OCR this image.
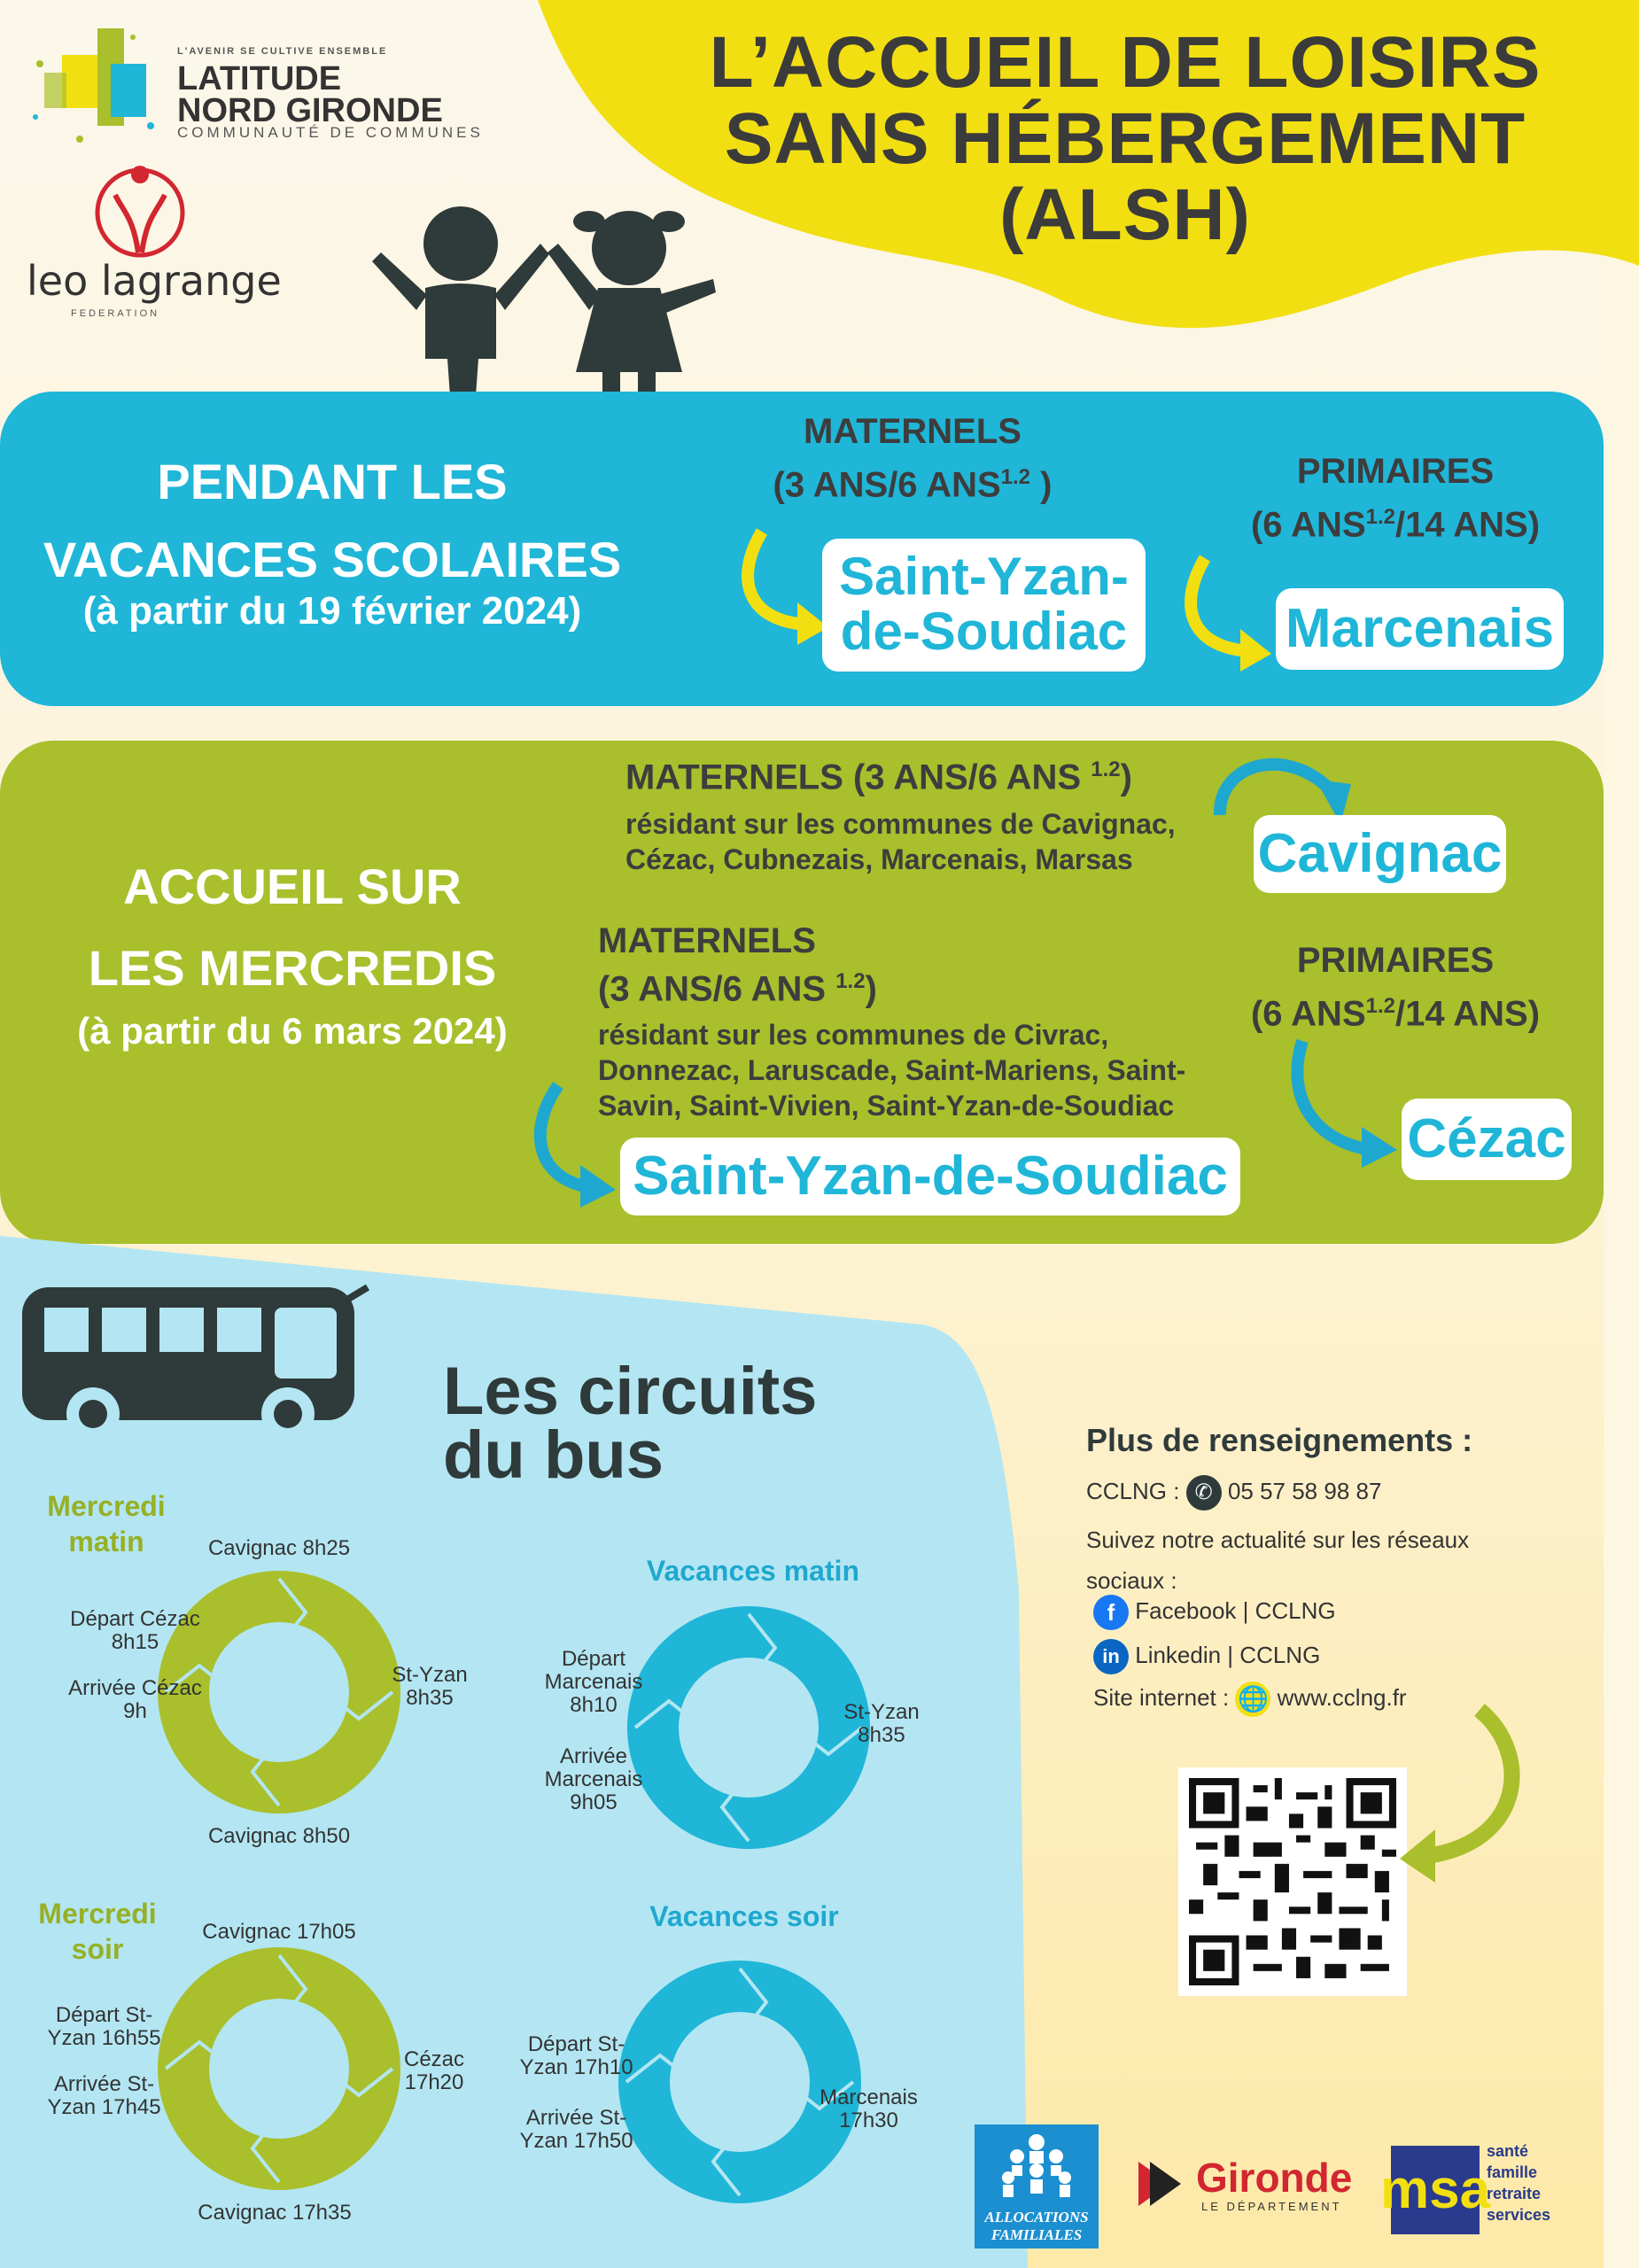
L’ACCUEIL DE LOISIRS
SANS HÉBERGEMENT
(ALSH)
L'AVENIR SE CULTIVE ENSEMBLE
LATITUDE
NORD GIRONDE
COMMUNAUTÉ DE COMMUNES
leo lagrange
FEDERATION
PENDANT LES
VACANCES SCOLAIRES
(à partir du 19 février 2024)
MATERNELS
(3 ANS/6 $ANS^{1.2}$ )
Saint-Yzan-
de-Soudiac
PRIMAIRES
(6 $ANS^{1.2}/14$ ANS)
Marcenais
ACCUEIL SUR
LES MERCREDIS
(à partir du 6 mars 2024)
MATERNELS (3 ANS/6 ANS $^{1.2}$)
résidant sur les communes de Cavignac,
Cézac, Cubnezais, Marcenais, Marsas	Cavignac
MATERNELS
(3 ANS/6 ANS $^{1.2}$)
résidant sur les communes de Civrac,
Donnezac, Laruscade, Saint-Mariens, Saint-
Savin, Saint-Vivien, Saint-Yzan-de-Soudiac
Saint-Yzan-de-Soudiac
PRIMAIRES
(6 $ANS^{1.2}/14$ ANS)
Cézac
Les circuits
du bus
Mercredi
matin	Cavignac 8h25
St-Yzan
8h35
Départ Cézac
8h15
Arrivée Cézac
9h
Cavignac 8h50
Mercredi
soir
Cavignac 17h05
Cézac
17h20
Départ St-
Yzan 16h55
Arrivée St-
Yzan 17h45
Cavignac 17h35
Vacances matin
St-Yzan
8h35
Départ
Marcenais
8h10
Arrivée
Marcenais
9h05
Vacances soir
Marcenais
17h30
Départ St-
Yzan 17h10
Arrivée St-
Yzan 17h50
Plus de renseignements :
CCLNG : ✆ 05 57 58 98 87
Suivez notre actualité sur les réseaux
sociaux :
f Facebook | CCLNG
in Linkedin | CCLNG
Site internet : 🌐 www.cclng.fr
ALLOCATIONS FAMILIALES
Gironde
LE DÉPARTEMENT msa
santé
famille
retraite
services
